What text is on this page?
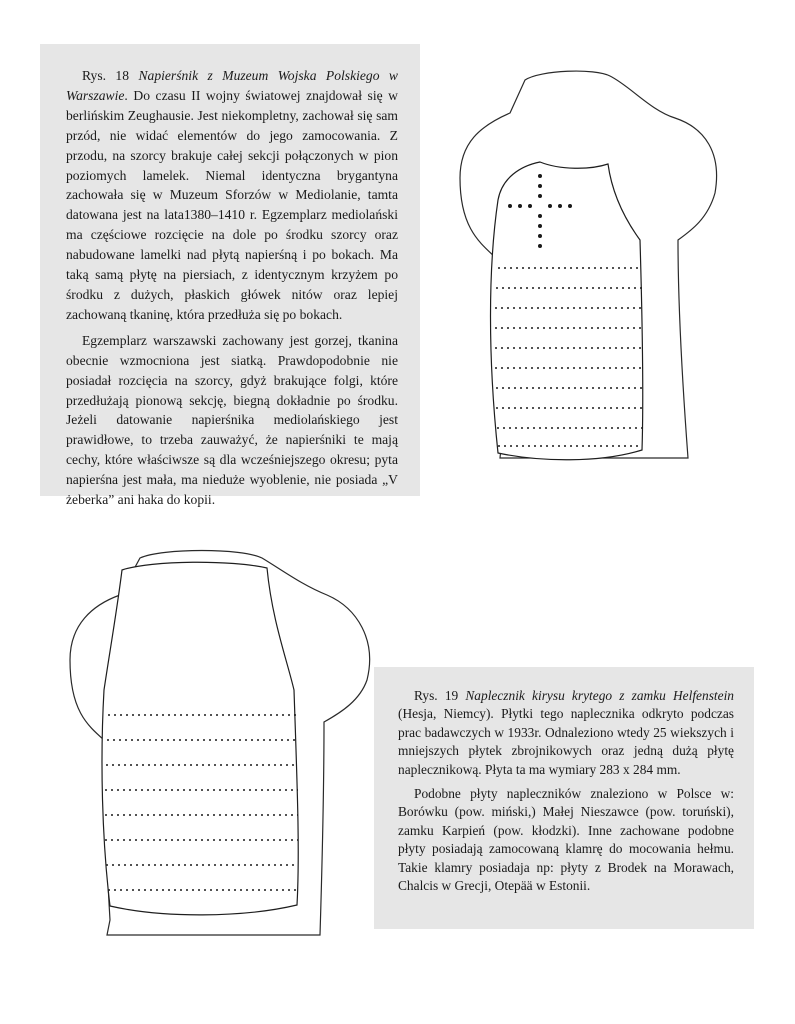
Rys. 18 Napierśnik z Muzeum Wojska Polskiego w Warszawie. Do czasu II wojny światowej znajdował się w berlińskim Zeughausie. Jest niekompletny, zachował się sam przód, nie widać elementów do jego zamocowania. Z przodu, na szorcy brakuje całej sekcji połączonych w pion poziomych lamelek. Niemal identyczna brygantyna zachowała się w Muzeum Sforzów w Mediolanie, tamta datowana jest na lata1380–1410 r. Egzemplarz mediolański ma częściowe rozcięcie na dole po środku szorcy oraz nabudowane lamelki nad płytą napierśną i po bokach. Ma taką samą płytę na piersiach, z identycznym krzyżem po środku z dużych, płaskich główek nitów oraz lepiej zachowaną tkaninę, która przedłuża się po bokach.

Egzemplarz warszawski zachowany jest gorzej, tkanina obecnie wzmocniona jest siatką. Prawdopodobnie nie posiadał rozcięcia na szorcy, gdyż brakujące folgi, które przedłużają pionową sekcję, biegną dokładnie po środku. Jeżeli datowanie napierśnika mediolańskiego jest prawidłowe, to trzeba zauważyć, że napierśniki te mają cechy, które właściwsze są dla wcześniejszego okresu; pyta napierśna jest mała, ma nieduże wyoblenie, nie posiada „V żeberka” ani haka do kopii.

Rys. 19 Naplecznik kirysu krytego z zamku Helfenstein (Hesja, Niemcy). Płytki tego naplecznika odkryto podczas prac badawczych w 1933r. Odnaleziono wtedy 25 wiekszych i mniejszych płytek zbrojnikowych oraz jedną dużą płytę naplecznikową. Płyta ta ma wymiary 283 x 284 mm.

Podobne płyty napleczników znaleziono w Polsce w: Borówku (pow. miński,) Małej Nieszawce (pow. toruński), zamku Karpień (pow. kłodzki). Inne zachowane podobne płyty posiadają zamocowaną klamrę do mocowania hełmu. Takie klamry posiadaja np: płyty z Brodek na Morawach, Chalcis w Grecji, Otepää w Estonii.
